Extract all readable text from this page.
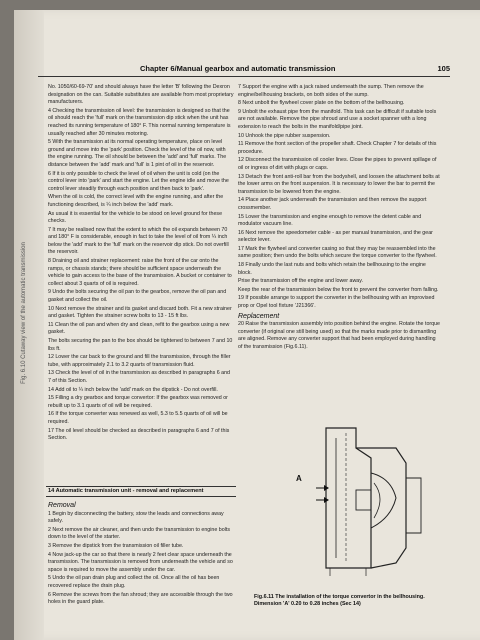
Fig. 6.10 Cutaway view of the automatic transmission
Chapter 6/Manual gearbox and automatic transmission	105

No. 1050/60-69-70' and should always have the letter 'B' following the Dexron designation on the can. Suitable substitutes are available from most proprietary manufacturers.

4 Checking the transmission oil level: the transmission is designed so that the oil should reach the 'full' mark on the transmission dip stick when the unit has reached its running temperature of 180° F. This normal running temperature is usually reached after 30 minutes motoring.

5 With the transmission at its normal operating temperature, place on level ground and move into the 'park' position. Check the level of the oil now, with the engine running. The oil should be between the 'add' and 'full' marks. The distance between the 'add' mark and 'full' is 1 pint of oil in the reservoir.

6 If it is only possible to check the level of oil when the unit is cold (on the control lever into 'park' and start the engine. Let the engine idle and move the control lever steadily through each position and then back to 'park'.

When the oil is cold, the correct level with the engine running, and after the functioning described, is ¼ inch below the 'add' mark.

As usual it is essential for the vehicle to be stood on level ground for these checks.

7 It may be realised now that the extent to which the oil expands between 70 and 180° F is considerable, enough in fact to take the level of oil from ¼ inch below the 'add' mark to the 'full' mark on the reservoir dip stick. Do not overfill the reservoir.

8 Draining oil and strainer replacement: raise the front of the car onto the ramps, or chassis stands; there should be sufficient space underneath the vehicle to gain access to the base of the transmission. A bucket or container to collect about 3 quarts of oil is required.

9 Undo the bolts securing the oil pan to the gearbox, remove the oil pan and gasket and collect the oil.

10 Next remove the strainer and its gasket and discard both. Fit a new strainer and gasket. Tighten the strainer screw bolts to 13 - 15 ft lbs.

11 Clean the oil pan and when dry and clean, refit to the gearbox using a new gasket.

The bolts securing the pan to the box should be tightened to between 7 and 10 lbs ft.

12 Lower the car back to the ground and fill the transmission, through the filler tube, with approximately 2.1 to 3.2 quarts of transmission fluid.

13 Check the level of oil in the transmission as described in paragraphs 6 and 7 of this Section.

14 Add oil to ¼ inch below the 'add' mark on the dipstick - Do not overfill.

15 Filling a dry gearbox and torque convertor: If the gearbox was removed or rebuilt up to 3.1 quarts of oil will be required.

16 If the torque converter was renewed as well, 5.3 to 5.5 quarts of oil will be required.

17 The oil level should be checked as described in paragraphs 6 and 7 of this Section.

14 Automatic transmission unit - removal and replacement
Removal

1 Begin by disconnecting the battery, stow the leads and connections away safely.

2 Next remove the air cleaner, and then undo the transmission to engine bolts down to the level of the starter.

3 Remove the dipstick from the transmission oil filler tube.

4 Now jack-up the car so that there is nearly 2 feet clear space underneath the transmission. The transmission is removed from underneath the vehicle and so space is required to move the assembly under the car.

5 Undo the oil pan drain plug and collect the oil. Once all the oil has been recovered replace the drain plug.

6 Remove the screws from the fan shroud; they are accessible through the two holes in the guard plate.

7 Support the engine with a jack raised underneath the sump. Then remove the engine/bellhousing brackets, on both sides of the sump.

8 Next unbolt the flywheel cover plate on the bottom of the bellhousing.

9 Unbolt the exhaust pipe from the manifold. This task can be difficult if suitable tools are not available. Remove the pipe shroud and use a socket spanner with a long extension to reach the bolts in the manifold/pipe joint.

10 Unhook the pipe rubber suspension.

11 Remove the front section of the propeller shaft. Check Chapter 7 for details of this procedure.

12 Disconnect the transmission oil cooler lines. Close the pipes to prevent spillage of oil or ingress of dirt with plugs or caps.

13 Detach the front anti-roll bar from the bodyshell, and loosen the attachment bolts at the lower arms on the front suspension. It is necessary to lower the bar to permit the transmission to be lowered from the engine.

14 Place another jack underneath the transmission and then remove the support crossmember.

15 Lower the transmission and engine enough to remove the detent cable and modulator vacuum line.

16 Next remove the speedometer cable - as per manual transmission, and the gear selector lever.

17 Mark the flywheel and converter casing so that they may be reassembled into the same position; then undo the bolts which secure the torque converter to the flywheel.

18 Finally undo the last nuts and bolts which retain the bellhousing to the engine block.

Prise the transmission off the engine and lower away.

Keep the rear of the transmission below the front to prevent the converter from falling.

19 If possible arrange to support the converter in the bellhousing with an improvised prop or Opel tool fixture 'J21366'.

Replacement

20 Raise the transmission assembly into position behind the engine. Rotate the torque converter (if original one still being used) so that the marks made prior to dismantling are aligned. Remove any converter support that had been employed during handling of the transmission (Fig.6.11).

A
Fig.6.11 The installation of the torque convertor in the bellhousing. Dimension 'A' 0.20 to 0.28 inches (Sec 14)
